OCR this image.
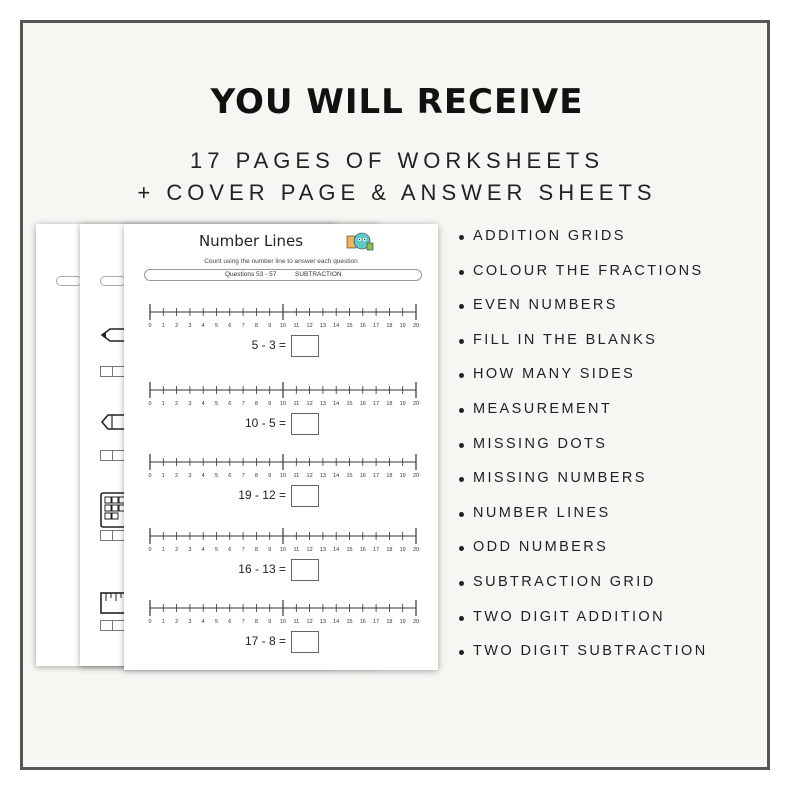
YOU WILL RECEIVE
17 PAGES OF WORKSHEETS
+ COVER PAGE & ANSWER SHEETS
Number Lines
Count using the number line to answer each question
Questions 53 - 57	SUBTRACTION
0 1 2 3 4 5 6 7 8 9 10 11 12 13 14 15 16 17 18 19 20
5 - 3 =
0 1 2 3 4 5 6 7 8 9 10 11 12 13 14 15 16 17 18 19 20
10 - 5 =
0 1 2 3 4 5 6 7 8 9 10 11 12 13 14 15 16 17 18 19 20
19 - 12 =
0 1 2 3 4 5 6 7 8 9 10 11 12 13 14 15 16 17 18 19 20
16 - 13 =
0 1 2 3 4 5 6 7 8 9 10 11 12 13 14 15 16 17 18 19 20
17 - 8 =
ADDITION GRIDS
COLOUR THE FRACTIONS
EVEN NUMBERS
FILL IN THE BLANKS
HOW MANY SIDES
MEASUREMENT
MISSING DOTS
MISSING NUMBERS
NUMBER LINES
ODD NUMBERS
SUBTRACTION GRID
TWO DIGIT ADDITION
TWO DIGIT SUBTRACTION
